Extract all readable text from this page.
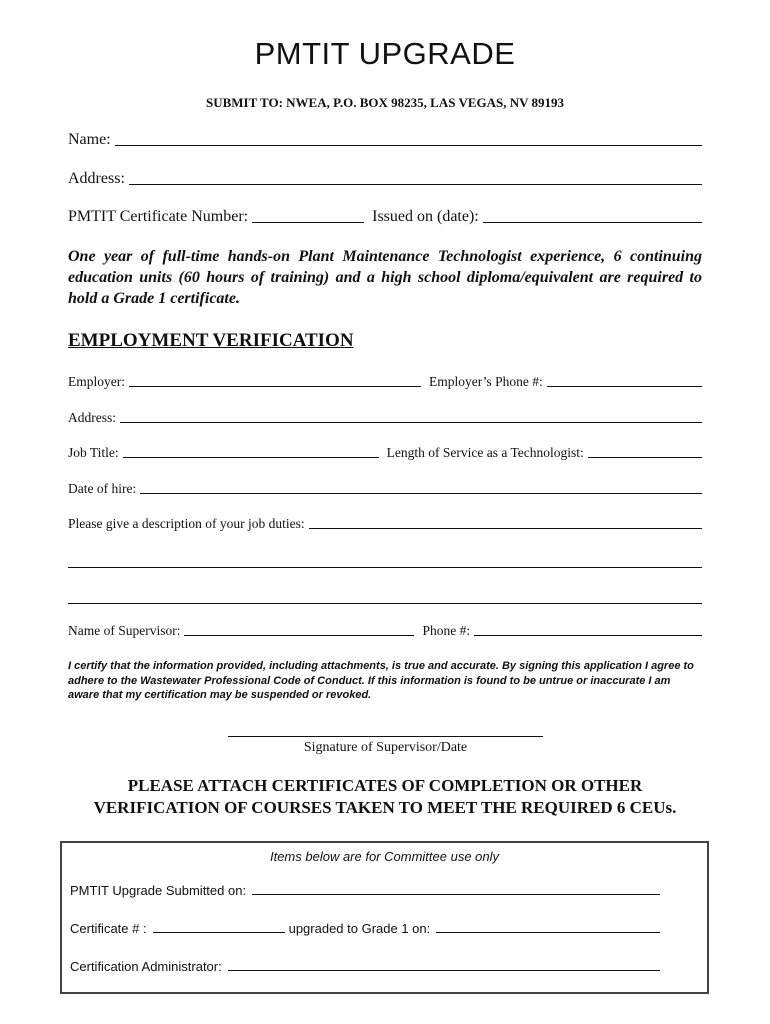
PMTIT UPGRADE
SUBMIT TO: NWEA, P.O. BOX 98235, LAS VEGAS, NV 89193
Name:
Address:
PMTIT Certificate Number:	Issued on (date):
One year of full-time hands-on Plant Maintenance Technologist experience, 6 continuing education units (60 hours of training) and a high school diploma/equivalent are required to hold a Grade 1 certificate.
EMPLOYMENT VERIFICATION
Employer:	Employer’s Phone #:
Address:
Job Title:	Length of Service as a Technologist:
Date of hire:
Please give a description of your job duties:
Name of Supervisor:	Phone #:
I certify that the information provided, including attachments, is true and accurate. By signing this application I agree to adhere to the Wastewater Professional Code of Conduct. If this information is found to be untrue or inaccurate I am aware that my certification may be suspended or revoked.
Signature of Supervisor/Date
PLEASE ATTACH CERTIFICATES OF COMPLETION OR OTHER
VERIFICATION OF COURSES TAKEN TO MEET THE REQUIRED 6 CEUs.
Items below are for Committee use only
PMTIT Upgrade Submitted on:
Certificate # :	upgraded to Grade 1 on:
Certification Administrator:
